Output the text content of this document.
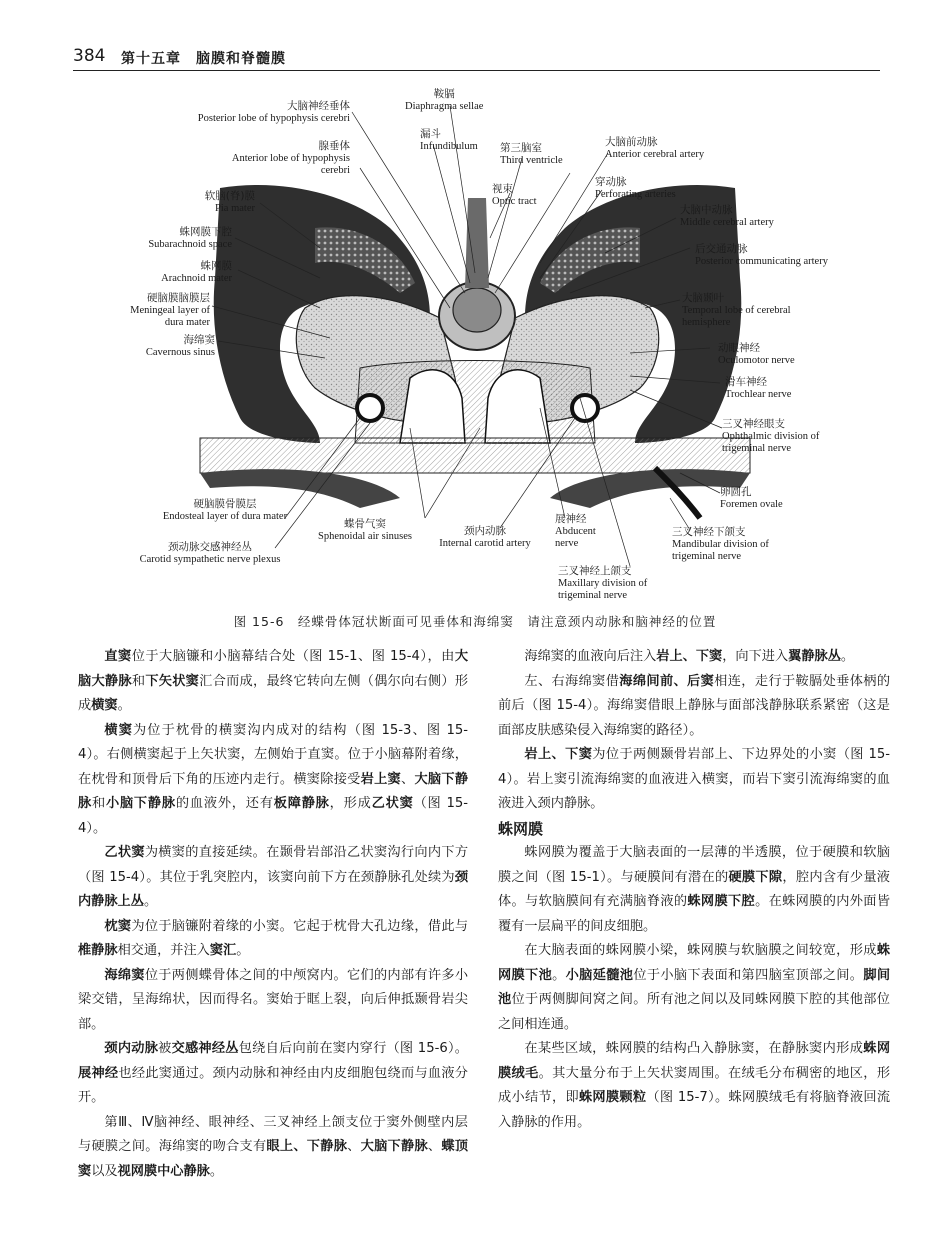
384 第十五章　脑膜和脊髓膜
鞍膈
Diaphragma sellae
大脑神经垂体
Posterior lobe of hypophysis cerebri
漏斗
Infundibulum
腺垂体
Anterior lobe of hypophysis cerebri
第三脑室
Third ventricle
大脑前动脉
Anterior cerebral artery
穿动脉
Perforating arteries
视束
Optic tract
软脑(脊)膜
Pia mater	大脑中动脉
Middle cerebral artery
蛛网膜下腔
Subarachnoid space	后交通动脉
Posterior communicating artery
蛛网膜
Arachnoid mater
大脑颞叶
Temporal lobe of cerebral hemisphere
硬脑膜脑膜层
Meningeal layer of dura mater
动眼神经
Oculomotor nerve
海绵窦
Cavernous sinus
滑车神经
Trochlear nerve
三叉神经眼支
Ophthalmic division of trigeminal nerve
卵圆孔
Foremen ovale
硬脑膜骨膜层
Endosteal layer of dura mater
蝶骨气窦
Sphenoidal air sinuses	颈内动脉
Internal carotid artery
展神经
Abducent nerve
三叉神经下颌支
Mandibular division of trigeminal nerve
颈动脉交感神经丛
Carotid sympathetic nerve plexus
三叉神经上颌支
Maxillary division of trigeminal nerve
图 15-6　经蝶骨体冠状断面可见垂体和海绵窦　请注意颈内动脉和脑神经的位置

直窦位于大脑镰和小脑幕结合处（图 15-1、图 15-4），由大脑大静脉和下矢状窦汇合而成，最终它转向左侧（偶尔向右侧）形成横窦。

横窦为位于枕骨的横窦沟内成对的结构（图 15-3、图 15-4）。右侧横窦起于上矢状窦，左侧始于直窦。位于小脑幕附着缘，在枕骨和顶骨后下角的压迹内走行。横窦除接受岩上窦、大脑下静脉和小脑下静脉的血液外，还有板障静脉，形成乙状窦（图 15-4）。

乙状窦为横窦的直接延续。在颞骨岩部沿乙状窦沟行向内下方（图 15-4）。其位于乳突腔内，该窦向前下方在颈静脉孔处续为颈内静脉上丛。

枕窦为位于脑镰附着缘的小窦。它起于枕骨大孔边缘，借此与椎静脉相交通，并注入窦汇。

海绵窦位于两侧蝶骨体之间的中颅窝内。它们的内部有许多小梁交错，呈海绵状，因而得名。窦始于眶上裂，向后伸抵颞骨岩尖部。

颈内动脉被交感神经丛包绕自后向前在窦内穿行（图 15-6）。展神经也经此窦通过。颈内动脉和神经由内皮细胞包绕而与血液分开。

第Ⅲ、Ⅳ脑神经、眼神经、三叉神经上颌支位于窦外侧壁内层与硬膜之间。海绵窦的吻合支有眼上、下静脉、大脑下静脉、蝶顶窦以及视网膜中心静脉。

海绵窦的血液向后注入岩上、下窦，向下进入翼静脉丛。

左、右海绵窦借海绵间前、后窦相连，走行于鞍膈处垂体柄的前后（图 15-4）。海绵窦借眼上静脉与面部浅静脉联系紧密（这是面部皮肤感染侵入海绵窦的路径）。

岩上、下窦为位于两侧颞骨岩部上、下边界处的小窦（图 15-4）。岩上窦引流海绵窦的血液进入横窦，而岩下窦引流海绵窦的血液进入颈内静脉。

蛛网膜

蛛网膜为覆盖于大脑表面的一层薄的半透膜，位于硬膜和软脑膜之间（图 15-1）。与硬膜间有潜在的硬膜下隙，腔内含有少量液体。与软脑膜间有充满脑脊液的蛛网膜下腔。在蛛网膜的内外面皆覆有一层扁平的间皮细胞。

在大脑表面的蛛网膜小梁，蛛网膜与软脑膜之间较宽，形成蛛网膜下池。小脑延髓池位于小脑下表面和第四脑室顶部之间。脚间池位于两侧脚间窝之间。所有池之间以及同蛛网膜下腔的其他部位之间相连通。

在某些区域，蛛网膜的结构凸入静脉窦，在静脉窦内形成蛛网膜绒毛。其大量分布于上矢状窦周围。在绒毛分布稠密的地区，形成小结节，即蛛网膜颗粒（图 15-7）。蛛网膜绒毛有将脑脊液回流入静脉的作用。
